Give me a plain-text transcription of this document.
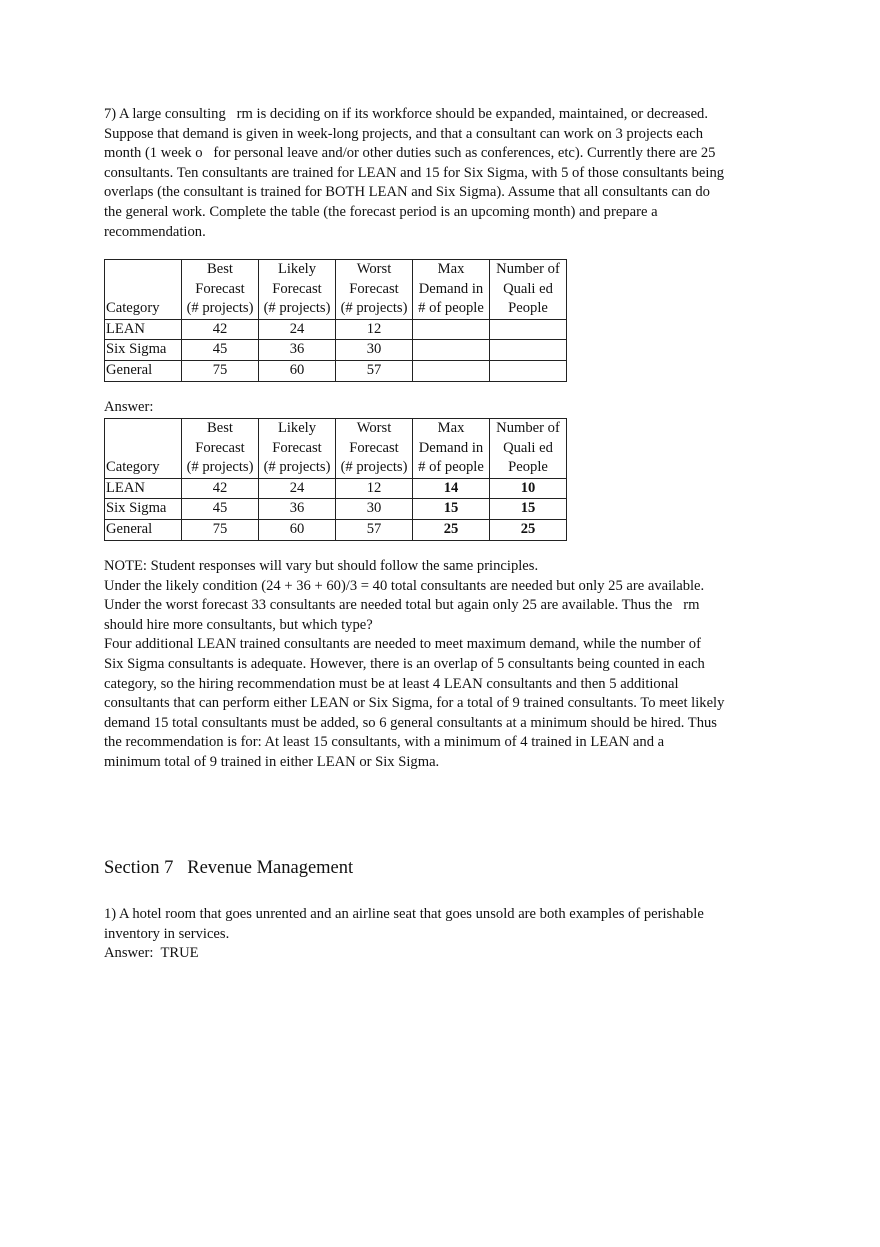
7) A large consulting   rm is deciding on if its workforce should be expanded, maintained, or decreased.
Suppose that demand is given in week-long projects, and that a consultant can work on 3 projects each
month (1 week o   for personal leave and/or other duties such as conferences, etc). Currently there are 25
consultants. Ten consultants are trained for LEAN and 15 for Six Sigma, with 5 of those consultants being
overlaps (the consultant is trained for BOTH LEAN and Six Sigma). Assume that all consultants can do
the general work. Complete the table (the forecast period is an upcoming month) and prepare a
recommendation.
Category	Best
Forecast
(# projects)	Likely
Forecast
(# projects)	Worst
Forecast
(# projects)	Max
Demand in
# of people	Number of
Quali ed
People

LEAN	42	24	12		
Six Sigma	45	36	30		
General	75	60	57		
Answer:
Category	Best
Forecast
(# projects)	Likely
Forecast
(# projects)	Worst
Forecast
(# projects)	Max
Demand in
# of people	Number of
Quali ed
People

LEAN	42	24	12	14	10
Six Sigma	45	36	30	15	15
General	75	60	57	25	25
NOTE: Student responses will vary but should follow the same principles.
Under the likely condition (24 + 36 + 60)/3 = 40 total consultants are needed but only 25 are available.
Under the worst forecast 33 consultants are needed total but again only 25 are available. Thus the   rm
should hire more consultants, but which type?
Four additional LEAN trained consultants are needed to meet maximum demand, while the number of
Six Sigma consultants is adequate. However, there is an overlap of 5 consultants being counted in each
category, so the hiring recommendation must be at least 4 LEAN consultants and then 5 additional
consultants that can perform either LEAN or Six Sigma, for a total of 9 trained consultants. To meet likely
demand 15 total consultants must be added, so 6 general consultants at a minimum should be hired. Thus
the recommendation is for: At least 15 consultants, with a minimum of 4 trained in LEAN and a
minimum total of 9 trained in either LEAN or Six Sigma.
Section 7   Revenue Management
1) A hotel room that goes unrented and an airline seat that goes unsold are both examples of perishable
inventory in services.
Answer:  TRUE
